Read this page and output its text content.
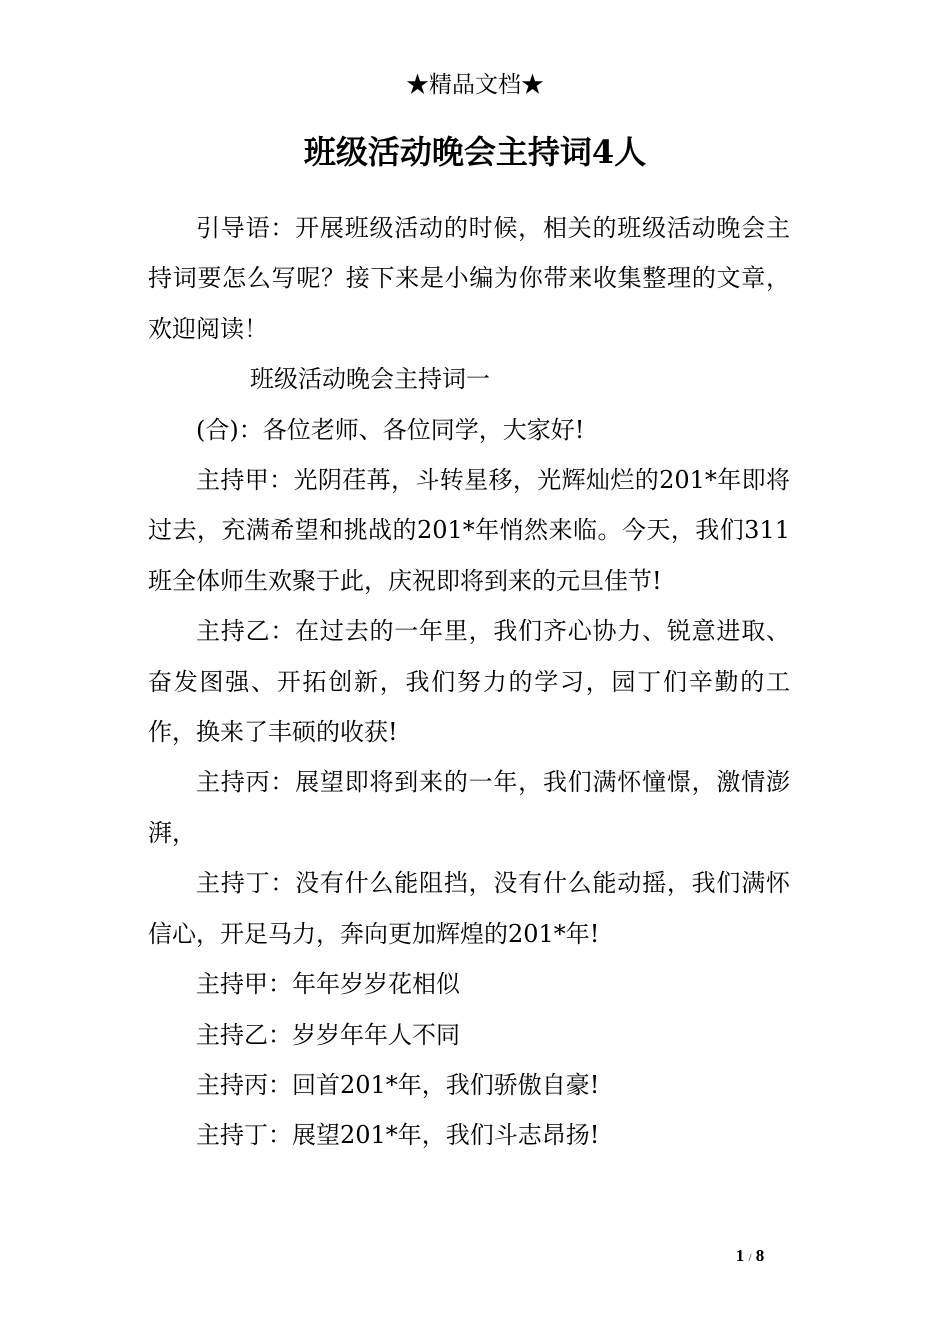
★精品文档★
班级活动晚会主持词4人

引导语：开展班级活动的时候，相关的班级活动晚会主持词要怎么写呢？接下来是小编为你带来收集整理的文章，欢迎阅读！

班级活动晚会主持词一

(合)：各位老师、各位同学，大家好!

主持甲：光阴荏苒，斗转星移，光辉灿烂的201*年即将过去，充满希望和挑战的201*年悄然来临。今天，我们311班全体师生欢聚于此，庆祝即将到来的元旦佳节!

主持乙：在过去的一年里，我们齐心协力、锐意进取、奋发图强、开拓创新，我们努力的学习，园丁们辛勤的工作，换来了丰硕的收获!

主持丙：展望即将到来的一年，我们满怀憧憬，激情澎湃，

主持丁：没有什么能阻挡，没有什么能动摇，我们满怀信心，开足马力，奔向更加辉煌的201*年!

主持甲：年年岁岁花相似

主持乙：岁岁年年人不同

主持丙：回首201*年，我们骄傲自豪!

主持丁：展望201*年，我们斗志昂扬!

1 / 8
